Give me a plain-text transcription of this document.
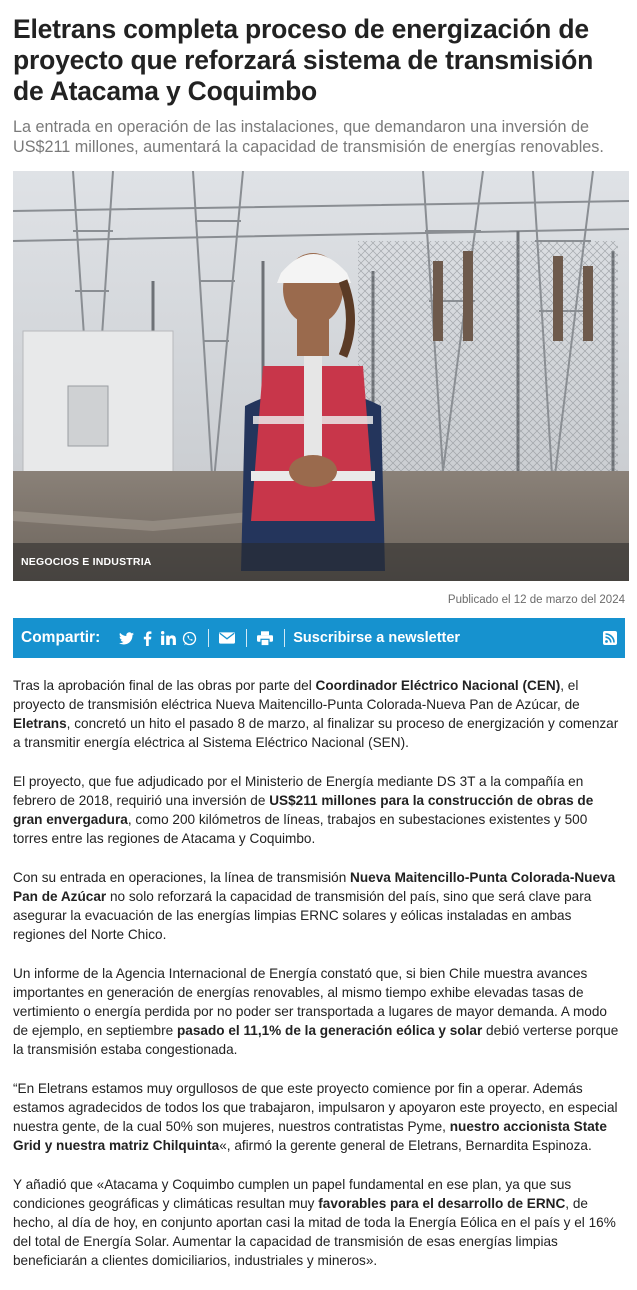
Eletrans completa proceso de energización de proyecto que reforzará sistema de transmisión de Atacama y Coquimbo

La entrada en operación de las instalaciones, que demandaron una inversión de US$211 millones, aumentará la capacidad de transmisión de energías renovables.

NEGOCIOS E INDUSTRIA
Publicado el 12 de marzo del 2024
Compartir:	Suscribirse a newsletter

Tras la aprobación final de las obras por parte del Coordinador Eléctrico Nacional (CEN), el proyecto de transmisión eléctrica Nueva Maitencillo-Punta Colorada-Nueva Pan de Azúcar, de Eletrans, concretó un hito el pasado 8 de marzo, al finalizar su proceso de energización y comenzar a transmitir energía eléctrica al Sistema Eléctrico Nacional (SEN).

El proyecto, que fue adjudicado por el Ministerio de Energía mediante DS 3T a la compañía en febrero de 2018, requirió una inversión de US$211 millones para la construcción de obras de gran envergadura, como 200 kilómetros de líneas, trabajos en subestaciones existentes y 500 torres entre las regiones de Atacama y Coquimbo.

Con su entrada en operaciones, la línea de transmisión Nueva Maitencillo-Punta Colorada-Nueva Pan de Azúcar no solo reforzará la capacidad de transmisión del país, sino que será clave para asegurar la evacuación de las energías limpias ERNC solares y eólicas instaladas en ambas regiones del Norte Chico.

Un informe de la Agencia Internacional de Energía constató que, si bien Chile muestra avances importantes en generación de energías renovables, al mismo tiempo exhibe elevadas tasas de vertimiento o energía perdida por no poder ser transportada a lugares de mayor demanda. A modo de ejemplo, en septiembre pasado el 11,1% de la generación eólica y solar debió verterse porque la transmisión estaba congestionada.

“En Eletrans estamos muy orgullosos de que este proyecto comience por fin a operar. Además estamos agradecidos de todos los que trabajaron, impulsaron y apoyaron este proyecto, en especial nuestra gente, de la cual 50% son mujeres, nuestros contratistas Pyme, nuestro accionista State Grid y nuestra matriz Chilquinta«, afirmó la gerente general de Eletrans, Bernardita Espinoza.

Y añadió que «Atacama y Coquimbo cumplen un papel fundamental en ese plan, ya que sus condiciones geográficas y climáticas resultan muy favorables para el desarrollo de ERNC, de hecho, al día de hoy, en conjunto aportan casi la mitad de toda la Energía Eólica en el país y el 16% del total de Energía Solar. Aumentar la capacidad de transmisión de esas energías limpias beneficiarán a clientes domiciliarios, industriales y mineros».
